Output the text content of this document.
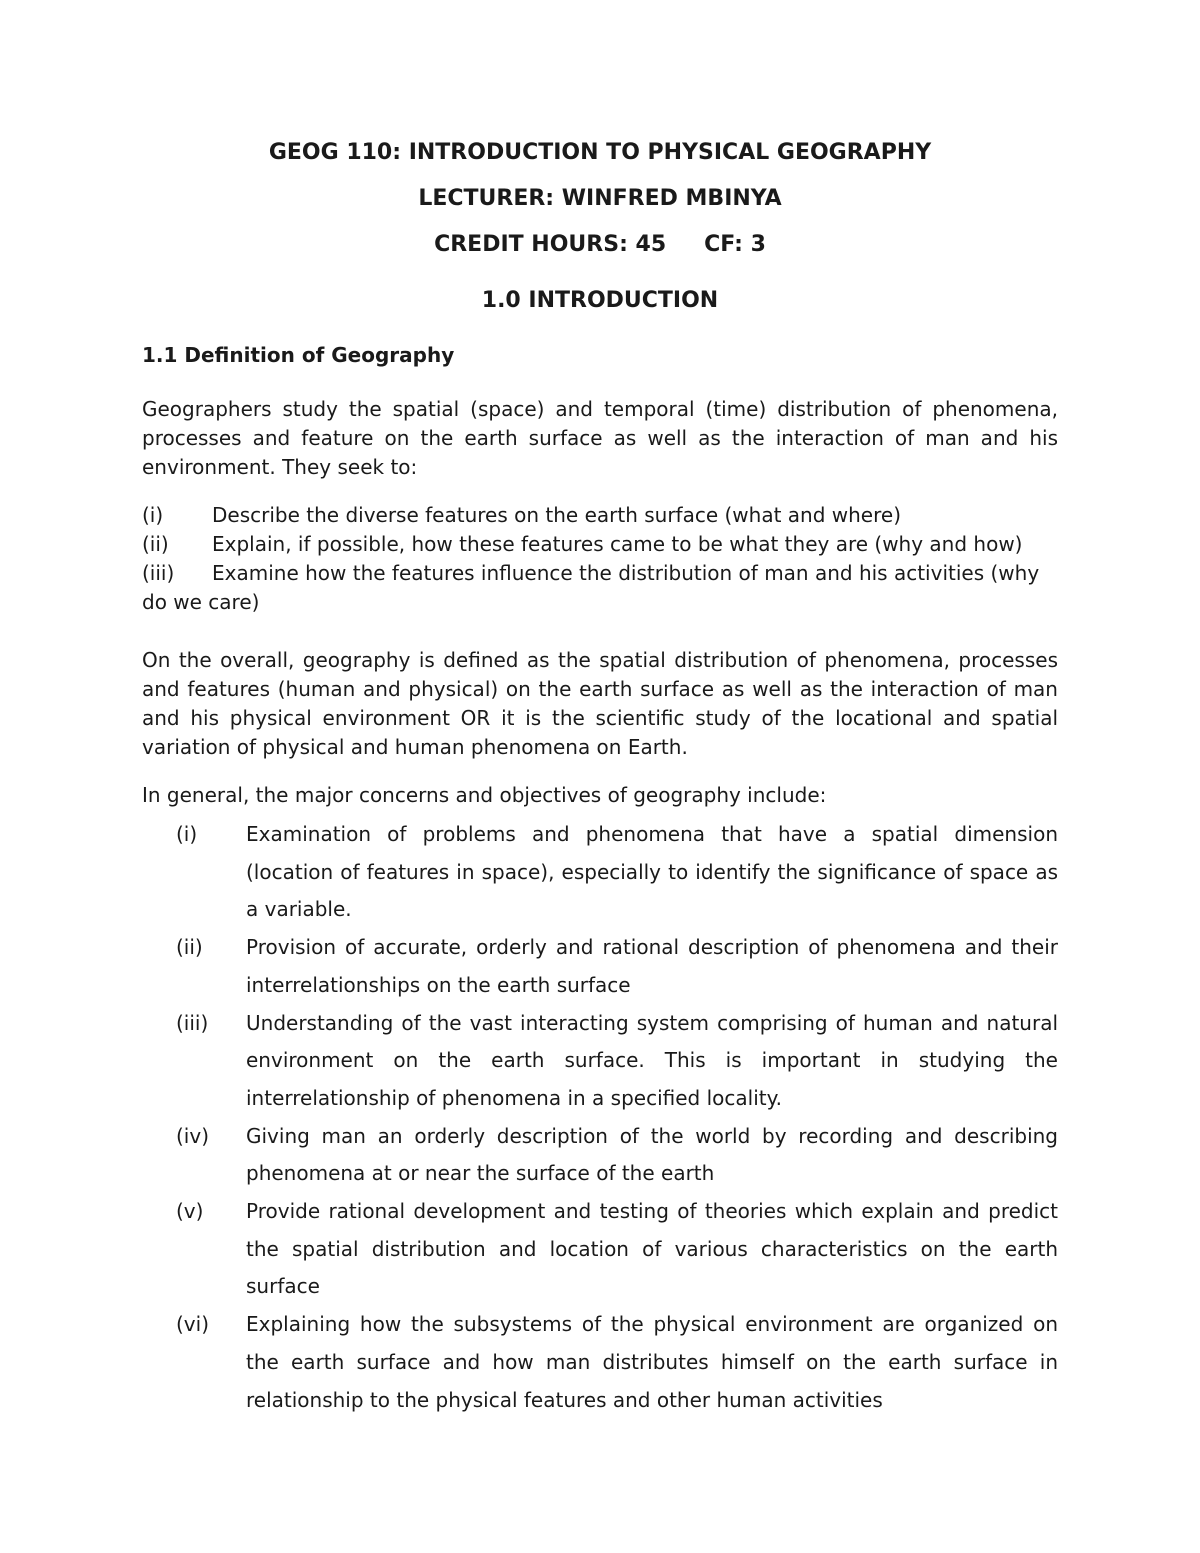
GEOG 110: INTRODUCTION TO PHYSICAL GEOGRAPHY
LECTURER: WINFRED MBINYA
CREDIT HOURS: 45 CF: 3
1.0 INTRODUCTION
1.1 Definition of Geography
Geographers study the spatial (space) and temporal (time) distribution of phenomena, processes and feature on the earth surface as well as the interaction of man and his environment. They seek to:
(i) Describe the diverse features on the earth surface (what and where)
(ii) Explain, if possible, how these features came to be what they are (why and how)
(iii) Examine how the features influence the distribution of man and his activities (why do we care)
On the overall, geography is defined as the spatial distribution of phenomena, processes and features (human and physical) on the earth surface as well as the interaction of man and his physical environment OR it is the scientific study of the locational and spatial variation of physical and human phenomena on Earth.
In general, the major concerns and objectives of geography include:
(i) Examination of problems and phenomena that have a spatial dimension (location of features in space), especially to identify the significance of space as a variable.
(ii) Provision of accurate, orderly and rational description of phenomena and their interrelationships on the earth surface
(iii) Understanding of the vast interacting system comprising of human and natural environment on the earth surface. This is important in studying the interrelationship of phenomena in a specified locality.
(iv) Giving man an orderly description of the world by recording and describing phenomena at or near the surface of the earth
(v) Provide rational development and testing of theories which explain and predict the spatial distribution and location of various characteristics on the earth surface
(vi) Explaining how the subsystems of the physical environment are organized on the earth surface and how man distributes himself on the earth surface in relationship to the physical features and other human activities
